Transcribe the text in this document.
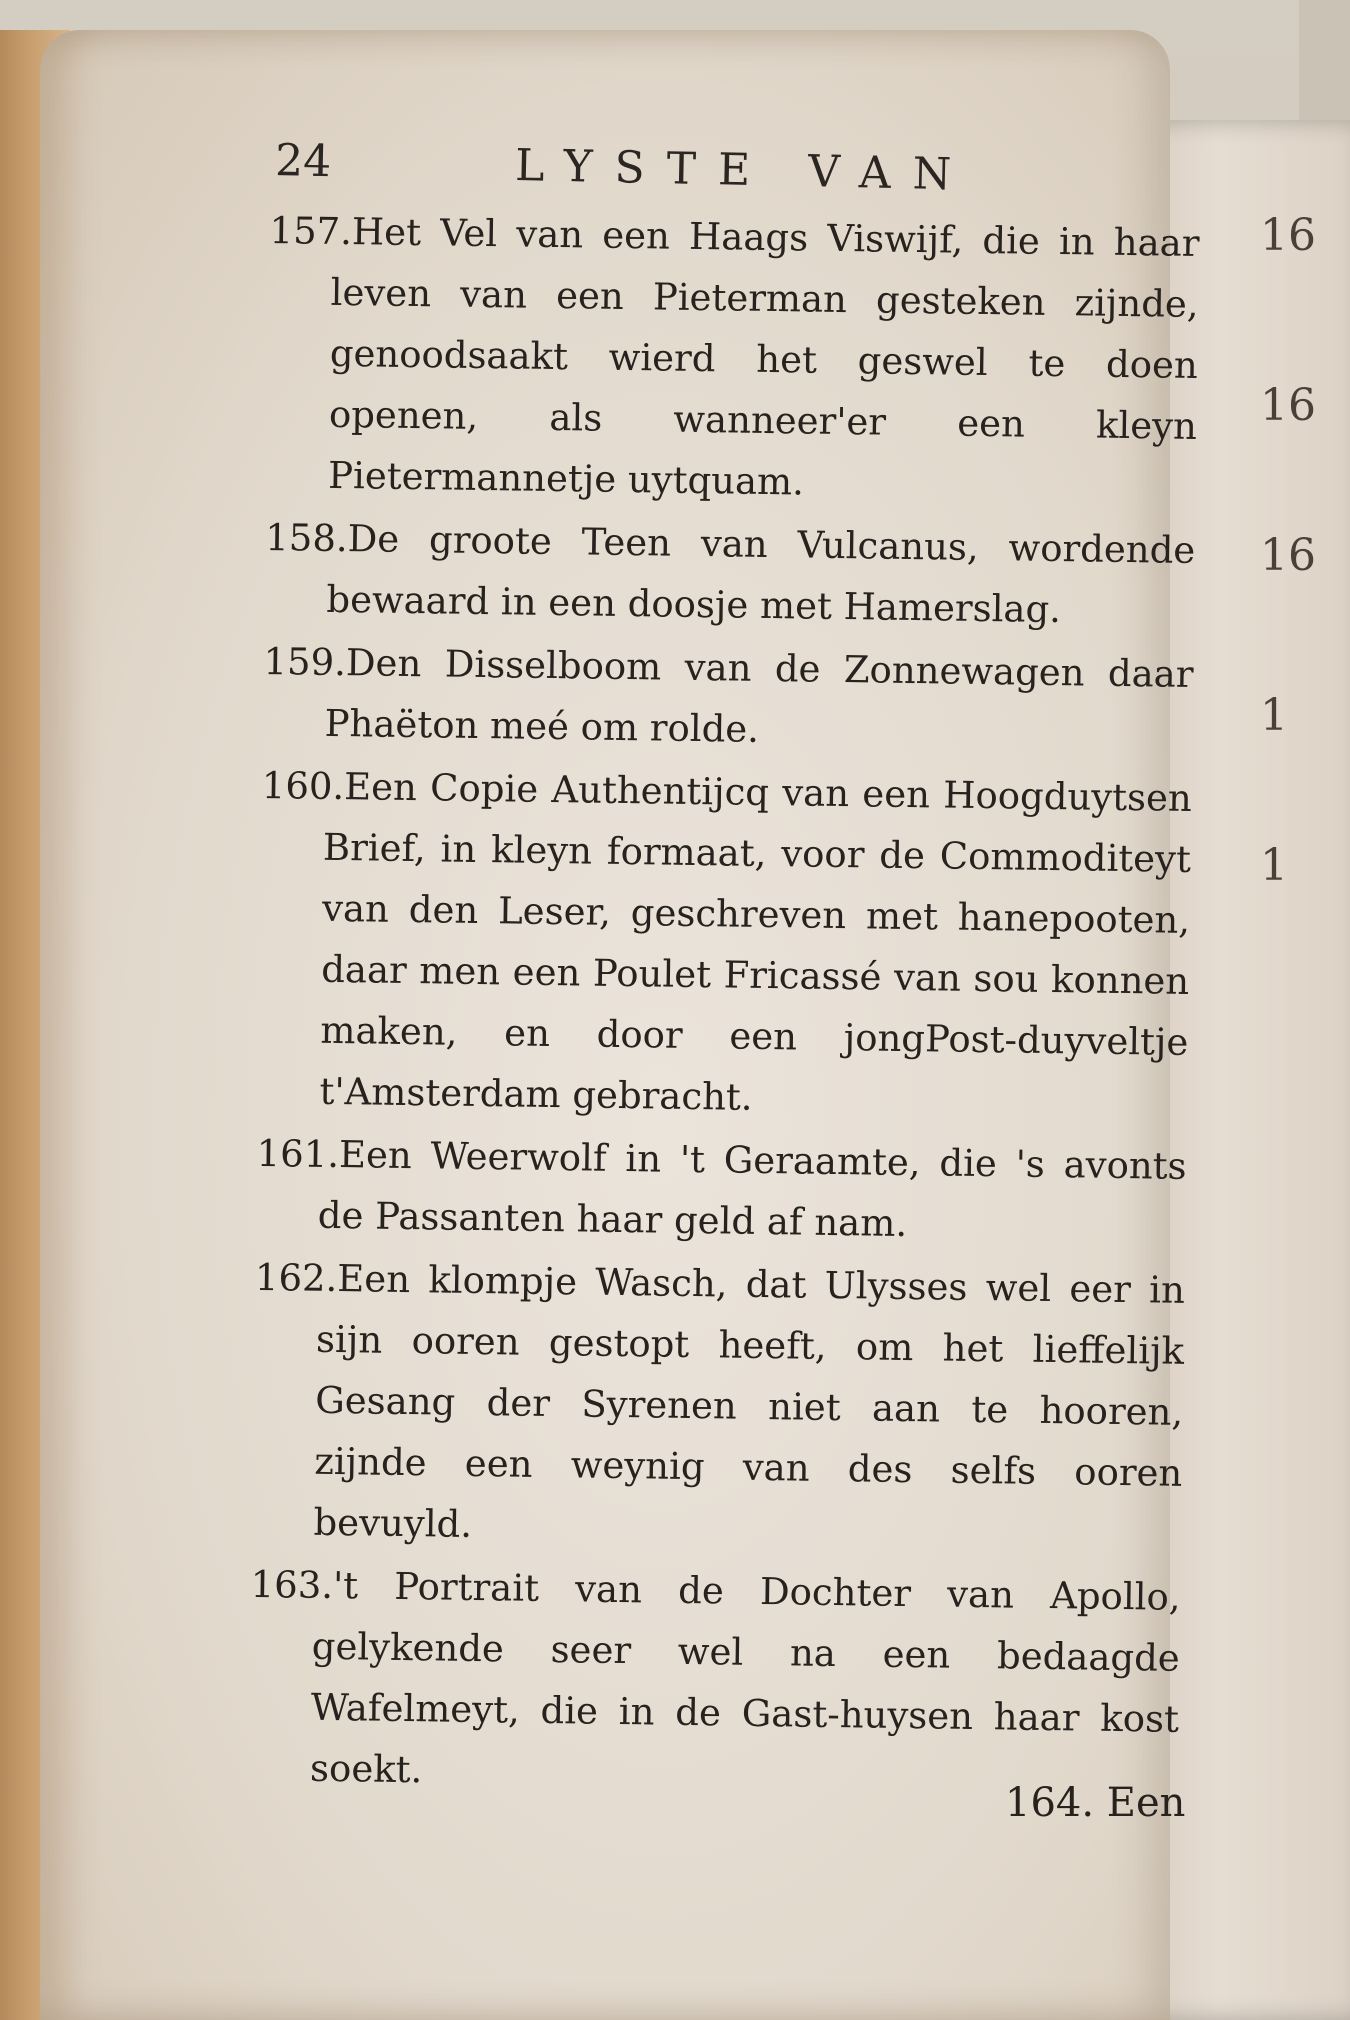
16
16
16
1
1
24	LYSTE VAN
157.Het Vel van een Haags Viswijf, die in haar leven van een Pieterman gesteken zijnde, genoodsaakt wierd het geswel te doen openen, als wanneer'er een kleyn Pietermannetje uytquam.
158.De groote Teen van Vulcanus, wordende bewaard in een doosje met Hamerslag.
159.Den Disselboom van de Zonnewagen daar Phaëton meé om rolde.
160.Een Copie Authentijcq van een Hoogduytsen Brief, in kleyn formaat, voor de Commoditeyt van den Leser, geschreven met hanepooten, daar men een Poulet Fricassé van sou konnen maken, en door een jongPost-duyveltje t'Amsterdam gebracht.
161.Een Weerwolf in 't Geraamte, die 's avonts de Passanten haar geld af nam.
162.Een klompje Wasch, dat Ulysses wel eer in sijn ooren gestopt heeft, om het lieffelijk Gesang der Syrenen niet aan te hooren, zijnde een weynig van des selfs ooren bevuyld.
163.'t Portrait van de Dochter van Apollo, gelykende seer wel na een bedaagde Wafelmeyt, die in de Gast-huysen haar kost soekt.
164. Een
